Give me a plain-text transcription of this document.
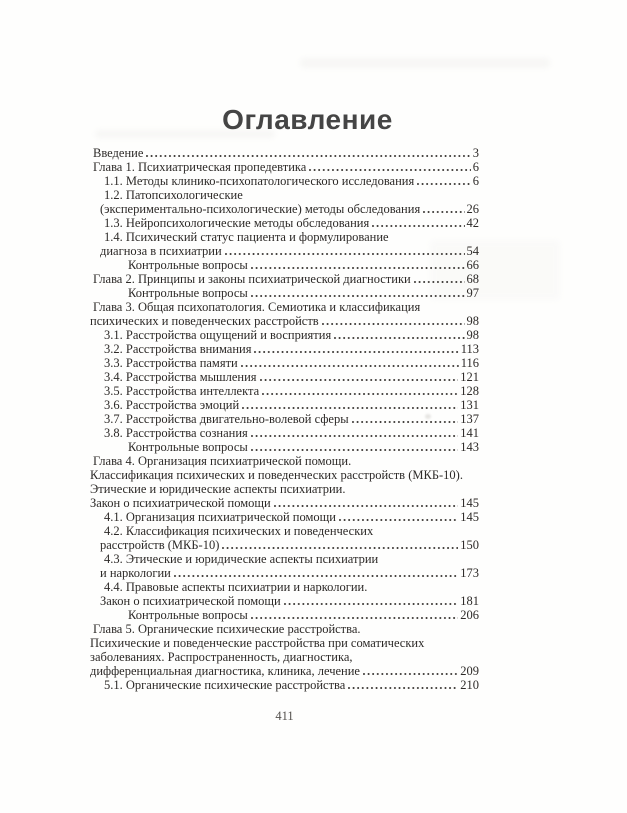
Оглавление
Введение	3
Глава 1. Психиатрическая пропедевтика	6
1.1. Методы клинико-психопатологического исследования	6
1.2. Патопсихологические
(экспериментально-психологические) методы обследования	26
1.3. Нейропсихологические методы обследования	42
1.4. Психический статус пациента и формулирование
диагноза в психиатрии	54
Контрольные вопросы	66
Глава 2. Принципы и законы психиатрической диагностики	68
Контрольные вопросы	97
Глава 3. Общая психопатология. Семиотика и классификация
психических и поведенческих расстройств	98
3.1. Расстройства ощущений и восприятия	98
3.2. Расстройства внимания	113
3.3. Расстройства памяти	116
3.4. Расстройства мышления	121
3.5. Расстройства интеллекта	128
3.6. Расстройства эмоций	131
3.7. Расстройства двигательно-волевой сферы	137
3.8. Расстройства сознания	141
Контрольные вопросы	143
Глава 4. Организация психиатрической помощи.
Классификация психических и поведенческих расстройств (МКБ-10).
Этические и юридические аспекты психиатрии.
Закон о психиатрической помощи	145
4.1. Организация психиатрической помощи	145
4.2. Классификация психических и поведенческих
расстройств (МКБ-10)	150
4.3. Этические и юридические аспекты психиатрии
и наркологии	173
4.4. Правовые аспекты психиатрии и наркологии.
Закон о психиатрической помощи	181
Контрольные вопросы	206
Глава 5. Органические психические расстройства.
Психические и поведенческие расстройства при соматических
заболеваниях. Распространенность, диагностика,
дифференциальная диагностика, клиника, лечение	209
5.1. Органические психические расстройства	210
411
